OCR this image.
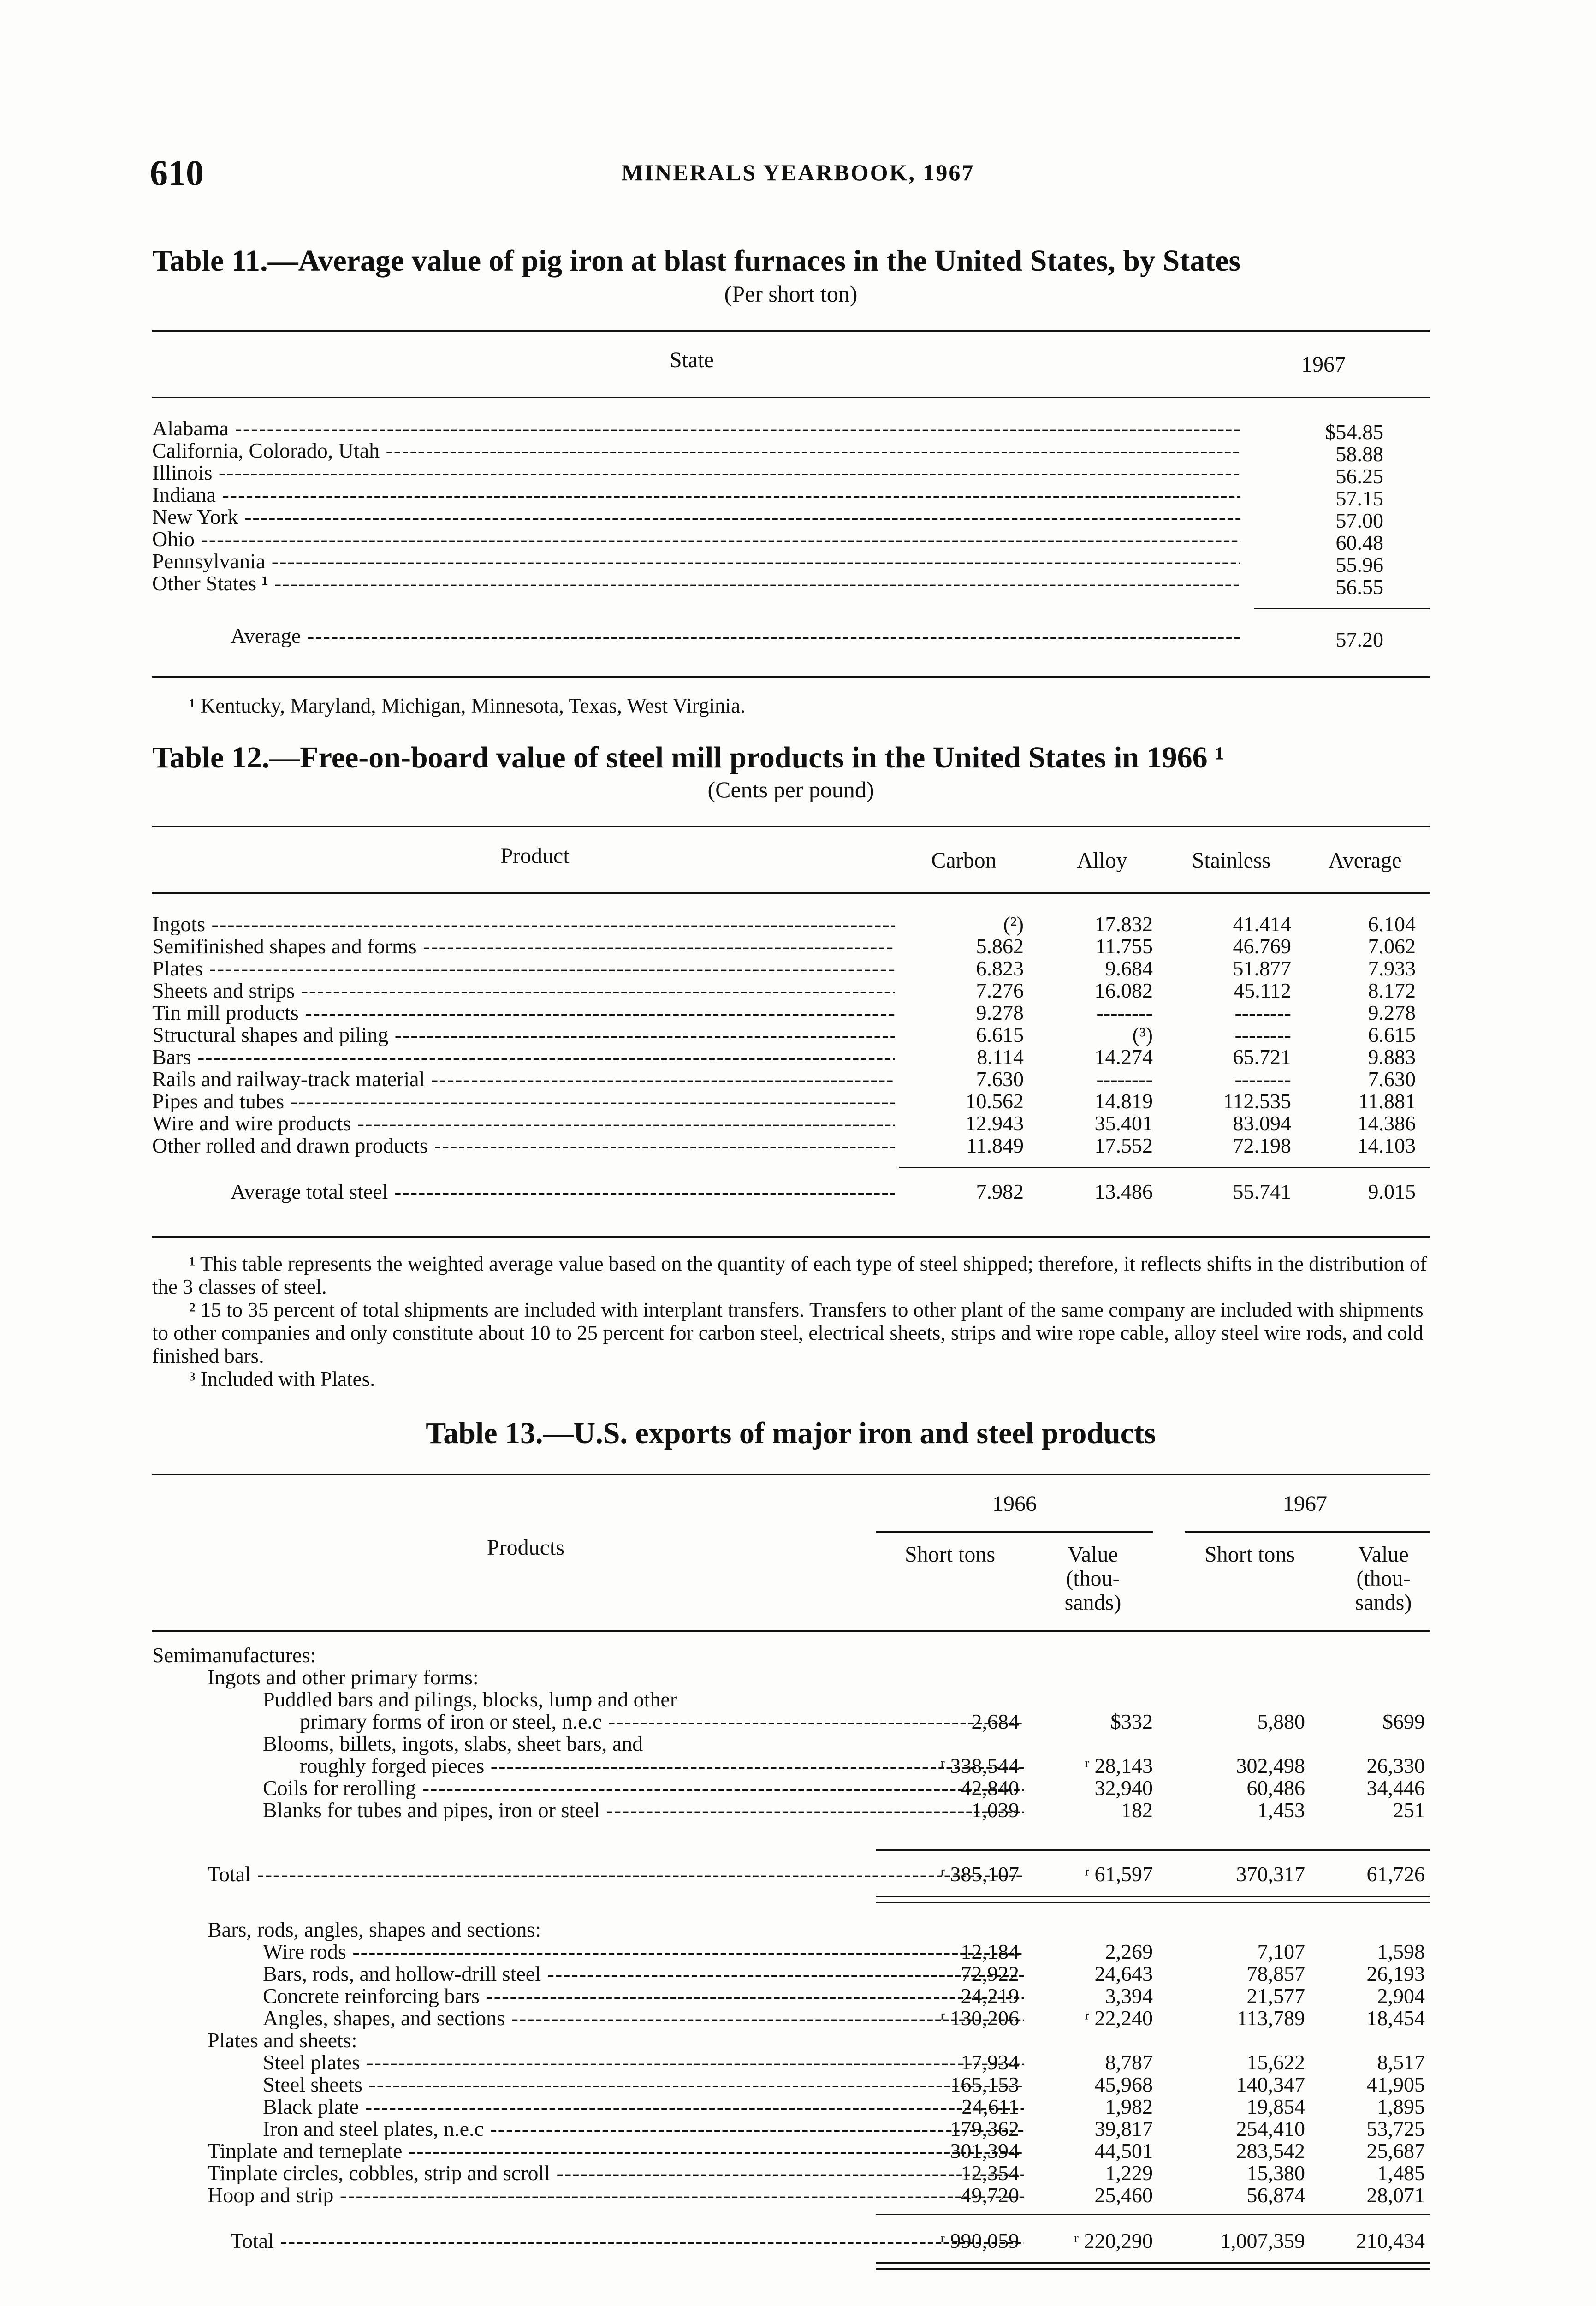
610	MINERALS YEARBOOK, 1967
Table 11.—Average value of pig iron at blast furnaces in the United States, by States
(Per short ton)
State	1967
Alabama -----	$54.85
California, Colorado, Utah -----	58.88
Illinois -----	56.25
Indiana -----	57.15
New York -----	57.00
Ohio -----	60.48
Pennsylvania -----	55.96
Other States ¹ -----	56.55
Average -----	57.20
¹ Kentucky, Maryland, Michigan, Minnesota, Texas, West Virginia.
Table 12.—Free-on-board value of steel mill products in the United States in 1966 ¹
(Cents per pound)
Product	Carbon	Alloy	Stainless	Average
Ingots -----	(²)	17.832	41.414	6.104
Semifinished shapes and forms -----	5.862	11.755	46.769	7.062
Plates -----	6.823	9.684	51.877	7.933
Sheets and strips -----	7.276	16.082	45.112	8.172
Tin mill products -----	9.278	--------	--------	9.278
Structural shapes and piling -----	6.615	(³)	--------	6.615
Bars -----	8.114	14.274	65.721	9.883
Rails and railway-track material -----	7.630	--------	--------	7.630
Pipes and tubes -----	10.562	14.819	112.535	11.881
Wire and wire products -----	12.943	35.401	83.094	14.386
Other rolled and drawn products -----	11.849	17.552	72.198	14.103
Average total steel -----	7.982	13.486	55.741	9.015
¹ This table represents the weighted average value based on the quantity of each type of steel shipped; therefore, it reflects shifts in the distribution of the 3 classes of steel.
² 15 to 35 percent of total shipments are included with interplant transfers. Transfers to other plant of the same company are included with shipments to other companies and only constitute about 10 to 25 percent for carbon steel, electrical sheets, strips and wire rope cable, alloy steel wire rods, and cold finished bars.
³ Included with Plates.
Table 13.—U.S. exports of major iron and steel products
1966	1967
Products	Short tons	Value (thou- sands)
Short tons	Value (thou- sands)
Semimanufactures:
Ingots and other primary forms:
Puddled bars and pilings, blocks, lump and other
primary forms of iron or steel, n.e.c -----	2,684	$332	5,880	$699
Blooms, billets, ingots, slabs, sheet bars, and
roughly forged pieces -----	ʳ 338,544	ʳ 28,143	302,498	26,330
Coils for rerolling -----	42,840	32,940	60,486	34,446
Blanks for tubes and pipes, iron or steel -----	1,039	182	1,453	251
Total -----	ʳ 385,107	ʳ 61,597	370,317	61,726
Bars, rods, angles, shapes and sections:
Wire rods -----	12,184	2,269	7,107	1,598
Bars, rods, and hollow-drill steel -----	72,922	24,643	78,857	26,193
Concrete reinforcing bars -----	24,219	3,394	21,577	2,904
Angles, shapes, and sections -----	ʳ 130,206	ʳ 22,240	113,789	18,454
Plates and sheets:
Steel plates -----	17,934	8,787	15,622	8,517
Steel sheets -----	165,153	45,968	140,347	41,905
Black plate -----	24,611	1,982	19,854	1,895
Iron and steel plates, n.e.c -----	179,362	39,817	254,410	53,725
Tinplate and terneplate -----	301,394	44,501	283,542	25,687
Tinplate circles, cobbles, strip and scroll -----	12,354	1,229	15,380	1,485
Hoop and strip -----	49,720	25,460	56,874	28,071
Total -----	ʳ 990,059	ʳ 220,290	1,007,359	210,434
